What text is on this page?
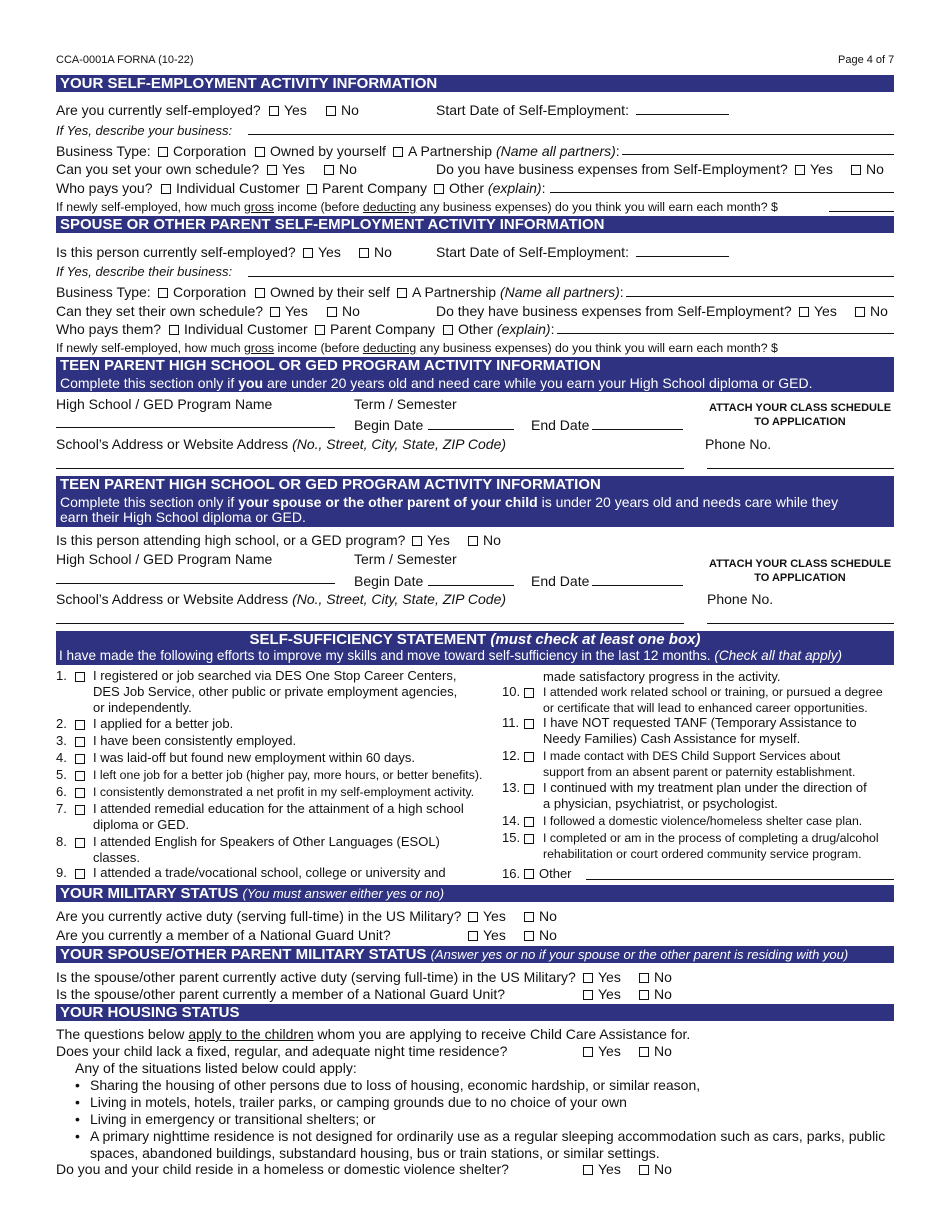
CCA-0001A FORNA (10-22)	Page 4 of 7
YOUR SELF-EMPLOYMENT ACTIVITY INFORMATION
Are you currently self-employed?	Yes	No	Start Date of Self-Employment:
If Yes, describe your business:
Business Type:	Corporation	Owned by yourself	A Partnership (Name all partners):
Can you set your own schedule?	Yes	No	Do you have business expenses from Self-Employment?	Yes	No
Who pays you?	Individual Customer	Parent Company	Other (explain):
If newly self-employed, how much gross income (before deducting any business expenses) do you think you will earn each month? $
SPOUSE OR OTHER PARENT SELF-EMPLOYMENT ACTIVITY INFORMATION
Is this person currently self-employed?	Yes	No	Start Date of Self-Employment:
If Yes, describe their business:
Business Type:	Corporation	Owned by their self	A Partnership (Name all partners):
Can they set their own schedule?	Yes	No	Do they have business expenses from Self-Employment?	Yes	No
Who pays them?	Individual Customer	Parent Company	Other (explain):
If newly self-employed, how much gross income (before deducting any business expenses) do you think you will earn each month? $
TEEN PARENT HIGH SCHOOL OR GED PROGRAM ACTIVITY INFORMATION
Complete this section only if you are under 20 years old and need care while you earn your High School diploma or GED.
High School / GED Program Name	Term / Semester	ATTACH YOUR CLASS SCHEDULE
TO APPLICATION
Begin Date	End Date
School’s Address or Website Address (No., Street, City, State, ZIP Code)	Phone No.
TEEN PARENT HIGH SCHOOL OR GED PROGRAM ACTIVITY INFORMATION
Complete this section only if your spouse or the other parent of your child is under 20 years old and needs care while they
earn their High School diploma or GED.
Is this person attending high school, or a GED program?	Yes	No
High School / GED Program Name	Term / Semester	ATTACH YOUR CLASS SCHEDULE
TO APPLICATION
Begin Date	End Date
School’s Address or Website Address (No., Street, City, State, ZIP Code)	Phone No.
SELF-SUFFICIENCY STATEMENT (must check at least one box)
I have made the following efforts to improve my skills and move toward self-sufficiency in the last 12 months. (Check all that apply)
1. I registered or job searched via DES One Stop Career Centers,
DES Job Service, other public or private employment agencies,
or independently.
2. I applied for a better job.
3. I have been consistently employed.
4. I was laid-off but found new employment within 60 days.
5. I left one job for a better job (higher pay, more hours, or better benefits).
6. I consistently demonstrated a net profit in my self-employment activity.
7. I attended remedial education for the attainment of a high school
diploma or GED.
8. I attended English for Speakers of Other Languages (ESOL)
classes.
9. I attended a trade/vocational school, college or university and
10. I attended work related school or training, or pursued a degree
or certificate that will lead to enhanced career opportunities.
11. I have NOT requested TANF (Temporary Assistance to
Needy Families) Cash Assistance for myself.
12. I made contact with DES Child Support Services about
support from an absent parent or paternity establishment.
13. I continued with my treatment plan under the direction of
a physician, psychiatrist, or psychologist.
14. I followed a domestic violence/homeless shelter case plan.
15. I completed or am in the process of completing a drug/alcohol
rehabilitation or court ordered community service program.
made satisfactory progress in the activity.
16.	Other
YOUR MILITARY STATUS (You must answer either yes or no)
Are you currently active duty (serving full-time) in the US Military?	Yes	No
Are you currently a member of a National Guard Unit?	Yes	No
YOUR SPOUSE/OTHER PARENT MILITARY STATUS (Answer yes or no if your spouse or the other parent is residing with you)
Is the spouse/other parent currently active duty (serving full-time) in the US Military?	Yes	No
Is the spouse/other parent currently a member of a National Guard Unit?	Yes	No
YOUR HOUSING STATUS
The questions below apply to the children whom you are applying to receive Child Care Assistance for.
Does your child lack a fixed, regular, and adequate night time residence?	Yes	No
Any of the situations listed below could apply:
• Sharing the housing of other persons due to loss of housing, economic hardship, or similar reason,
• Living in motels, hotels, trailer parks, or camping grounds due to no choice of your own
• Living in emergency or transitional shelters; or
• A primary nighttime residence is not designed for ordinarily use as a regular sleeping accommodation such as cars, parks, public
spaces, abandoned buildings, substandard housing, bus or train stations, or similar settings.
Do you and your child reside in a homeless or domestic violence shelter?	Yes	No
